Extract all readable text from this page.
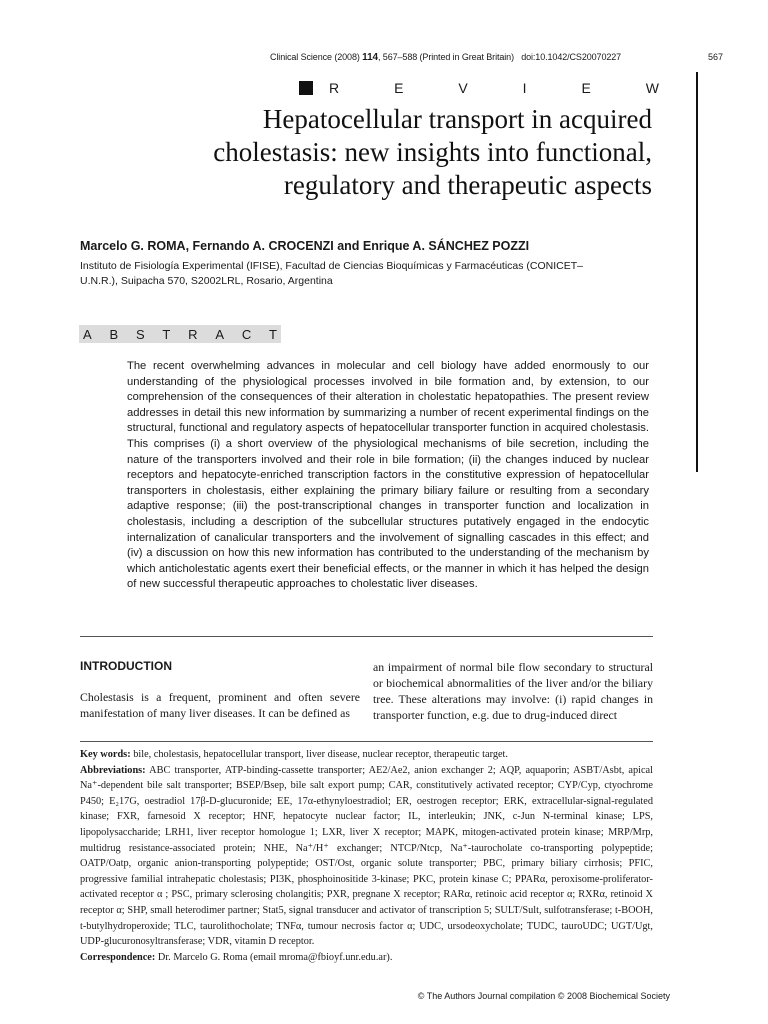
Clinical Science (2008) 114, 567–588 (Printed in Great Britain) doi:10.1042/CS20070227	567
R	E	V	I	E	W
Hepatocellular transport in acquired
cholestasis: new insights into functional,
regulatory and therapeutic aspects
Marcelo G. ROMA, Fernando A. CROCENZI and Enrique A. SÁNCHEZ POZZI
Instituto de Fisiología Experimental (IFISE), Facultad de Ciencias Bioquímicas y Farmacéuticas (CONICET–U.N.R.), Suipacha 570, S2002LRL, Rosario, Argentina
A B S T R A C T
The recent overwhelming advances in molecular and cell biology have added enormously to our understanding of the physiological processes involved in bile formation and, by extension, to our comprehension of the consequences of their alteration in cholestatic hepatopathies. The present review addresses in detail this new information by summarizing a number of recent experimental findings on the structural, functional and regulatory aspects of hepatocellular transporter function in acquired cholestasis. This comprises (i) a short overview of the physiological mechanisms of bile secretion, including the nature of the transporters involved and their role in bile formation; (ii) the changes induced by nuclear receptors and hepatocyte-enriched transcription factors in the constitutive expression of hepatocellular transporters in cholestasis, either explaining the primary biliary failure or resulting from a secondary adaptive response; (iii) the post-transcriptional changes in transporter function and localization in cholestasis, including a description of the subcellular structures putatively engaged in the endocytic internalization of canalicular transporters and the involvement of signalling cascades in this effect; and (iv) a discussion on how this new information has contributed to the understanding of the mechanism by which anticholestatic agents exert their beneficial effects, or the manner in which it has helped the design of new successful therapeutic approaches to cholestatic liver diseases.
INTRODUCTION
Cholestasis is a frequent, prominent and often severe manifestation of many liver diseases. It can be defined as
an impairment of normal bile flow secondary to structural or biochemical abnormalities of the liver and/or the biliary tree. These alterations may involve: (i) rapid changes in transporter function, e.g. due to drug-induced direct
Key words: bile, cholestasis, hepatocellular transport, liver disease, nuclear receptor, therapeutic target.
Abbreviations: ABC transporter, ATP-binding-cassette transporter; AE2/Ae2, anion exchanger 2; AQP, aquaporin; ASBT/Asbt, apical Na⁺-dependent bile salt transporter; BSEP/Bsep, bile salt export pump; CAR, constitutively activated receptor; CYP/Cyp, ctyochrome P450; E₂17G, oestradiol 17β-D-glucuronide; EE, 17α-ethynyloestradiol; ER, oestrogen receptor; ERK, extracellular-signal-regulated kinase; FXR, farnesoid X receptor; HNF, hepatocyte nuclear factor; IL, interleukin; JNK, c-Jun N-terminal kinase; LPS, lipopolysaccharide; LRH1, liver receptor homologue 1; LXR, liver X receptor; MAPK, mitogen-activated protein kinase; MRP/Mrp, multidrug resistance-associated protein; NHE, Na⁺/H⁺ exchanger; NTCP/Ntcp, Na⁺-taurocholate co-transporting polypeptide; OATP/Oatp, organic anion-transporting polypeptide; OST/Ost, organic solute transporter; PBC, primary biliary cirrhosis; PFIC, progressive familial intrahepatic cholestasis; PI3K, phosphoinositide 3-kinase; PKC, protein kinase C; PPARα, peroxisome-proliferator-activated receptor α ; PSC, primary sclerosing cholangitis; PXR, pregnane X receptor; RARα, retinoic acid receptor α; RXRα, retinoid X receptor α; SHP, small heterodimer partner; Stat5, signal transducer and activator of transcription 5; SULT/Sult, sulfotransferase; t-BOOH, t-butylhydroperoxide; TLC, taurolithocholate; TNFα, tumour necrosis factor α; UDC, ursodeoxycholate; TUDC, tauroUDC; UGT/Ugt, UDP-glucuronosyltransferase; VDR, vitamin D receptor.
Correspondence: Dr. Marcelo G. Roma (email mroma@fbioyf.unr.edu.ar).
© The Authors Journal compilation © 2008 Biochemical Society
